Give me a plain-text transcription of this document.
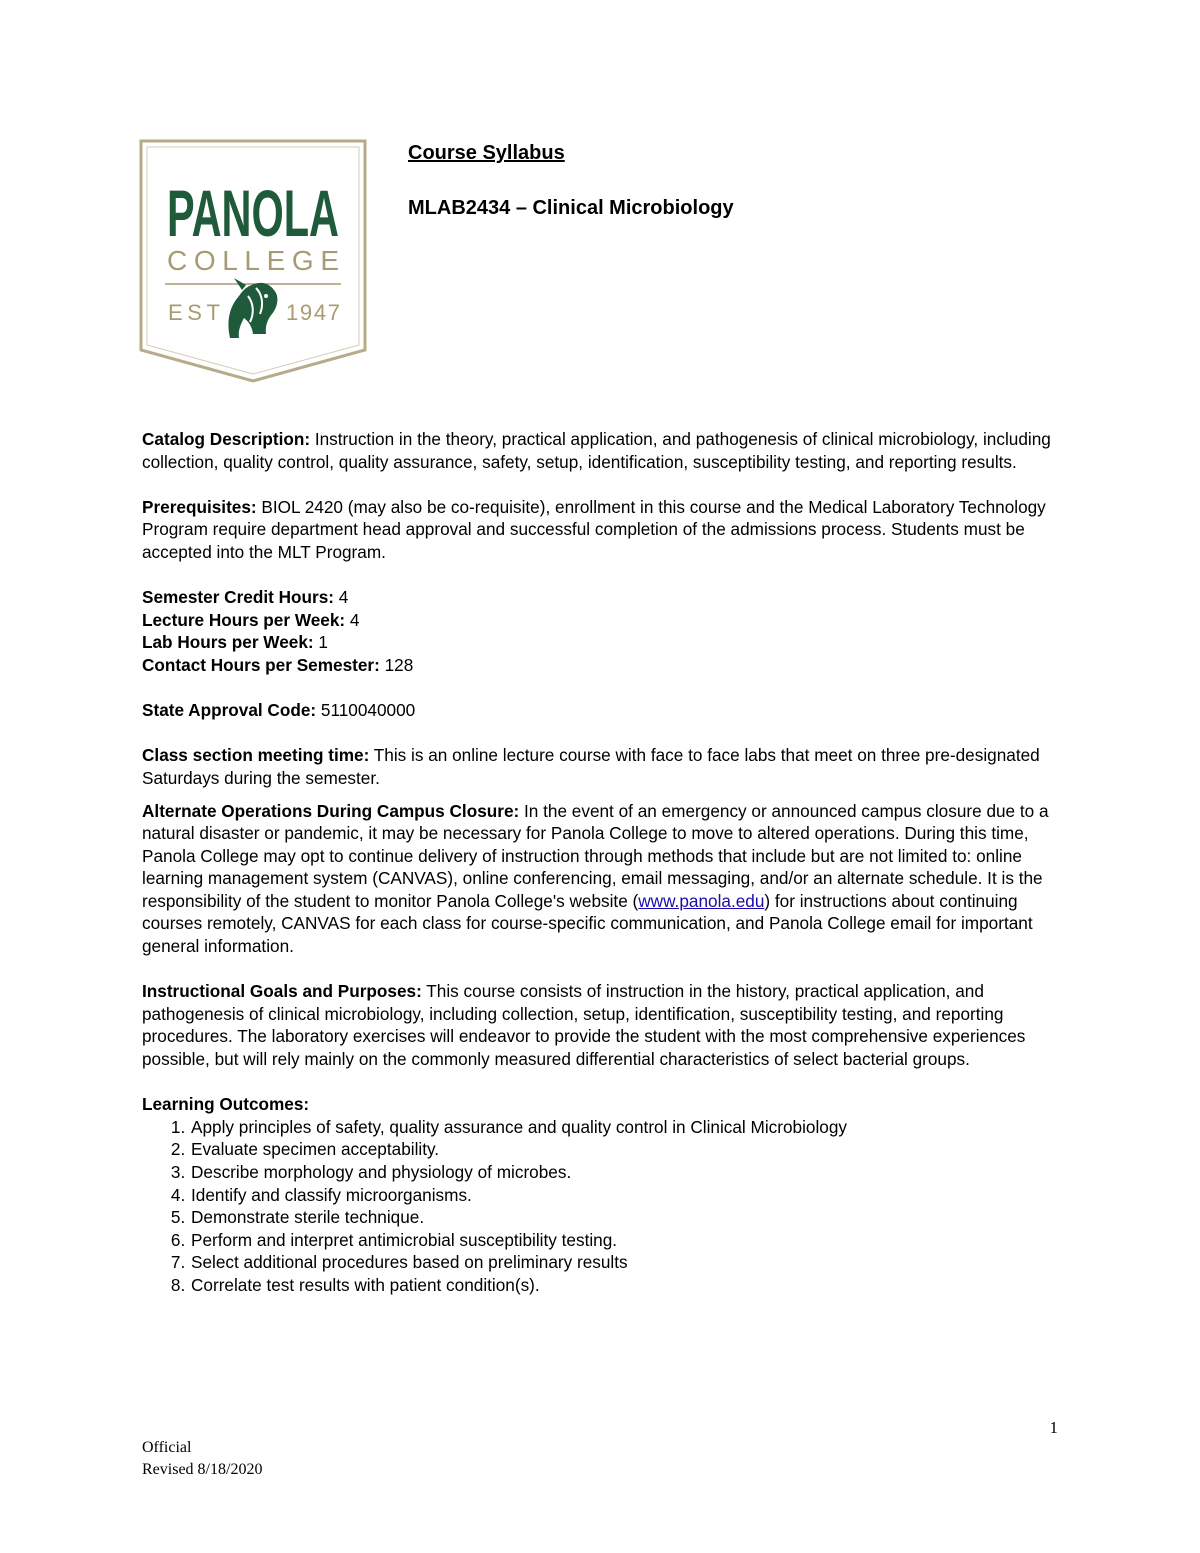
PANOLA
COLLEGE
EST	1947
Course Syllabus
MLAB2434 – Clinical Microbiology

Catalog Description: Instruction in the theory, practical application, and pathogenesis of clinical microbiology, including collection, quality control, quality assurance, safety, setup, identification, susceptibility testing, and reporting results.

Prerequisites: BIOL 2420 (may also be co-requisite), enrollment in this course and the Medical Laboratory Technology Program require department head approval and successful completion of the admissions process. Students must be accepted into the MLT Program.

Semester Credit Hours: 4

Lecture Hours per Week: 4

Lab Hours per Week: 1

Contact Hours per Semester: 128

State Approval Code: 5110040000

Class section meeting time: This is an online lecture course with face to face labs that meet on three pre-designated Saturdays during the semester.

Alternate Operations During Campus Closure: In the event of an emergency or announced campus closure due to a natural disaster or pandemic, it may be necessary for Panola College to move to altered operations. During this time, Panola College may opt to continue delivery of instruction through methods that include but are not limited to: online learning management system (CANVAS), online conferencing, email messaging, and/or an alternate schedule. It is the responsibility of the student to monitor Panola College's website (www.panola.edu) for instructions about continuing courses remotely, CANVAS for each class for course-specific communication, and Panola College email for important general information.

Instructional Goals and Purposes: This course consists of instruction in the history, practical application, and pathogenesis of clinical microbiology, including collection, setup, identification, susceptibility testing, and reporting procedures. The laboratory exercises will endeavor to provide the student with the most comprehensive experiences possible, but will rely mainly on the commonly measured differential characteristics of select bacterial groups.

Learning Outcomes:

1. Apply principles of safety, quality assurance and quality control in Clinical Microbiology
2. Evaluate specimen acceptability.
3. Describe morphology and physiology of microbes.
4. Identify and classify microorganisms.
5. Demonstrate sterile technique.
6. Perform and interpret antimicrobial susceptibility testing.
7. Select additional procedures based on preliminary results
8. Correlate test results with patient condition(s).
1
Official
Revised 8/18/2020
